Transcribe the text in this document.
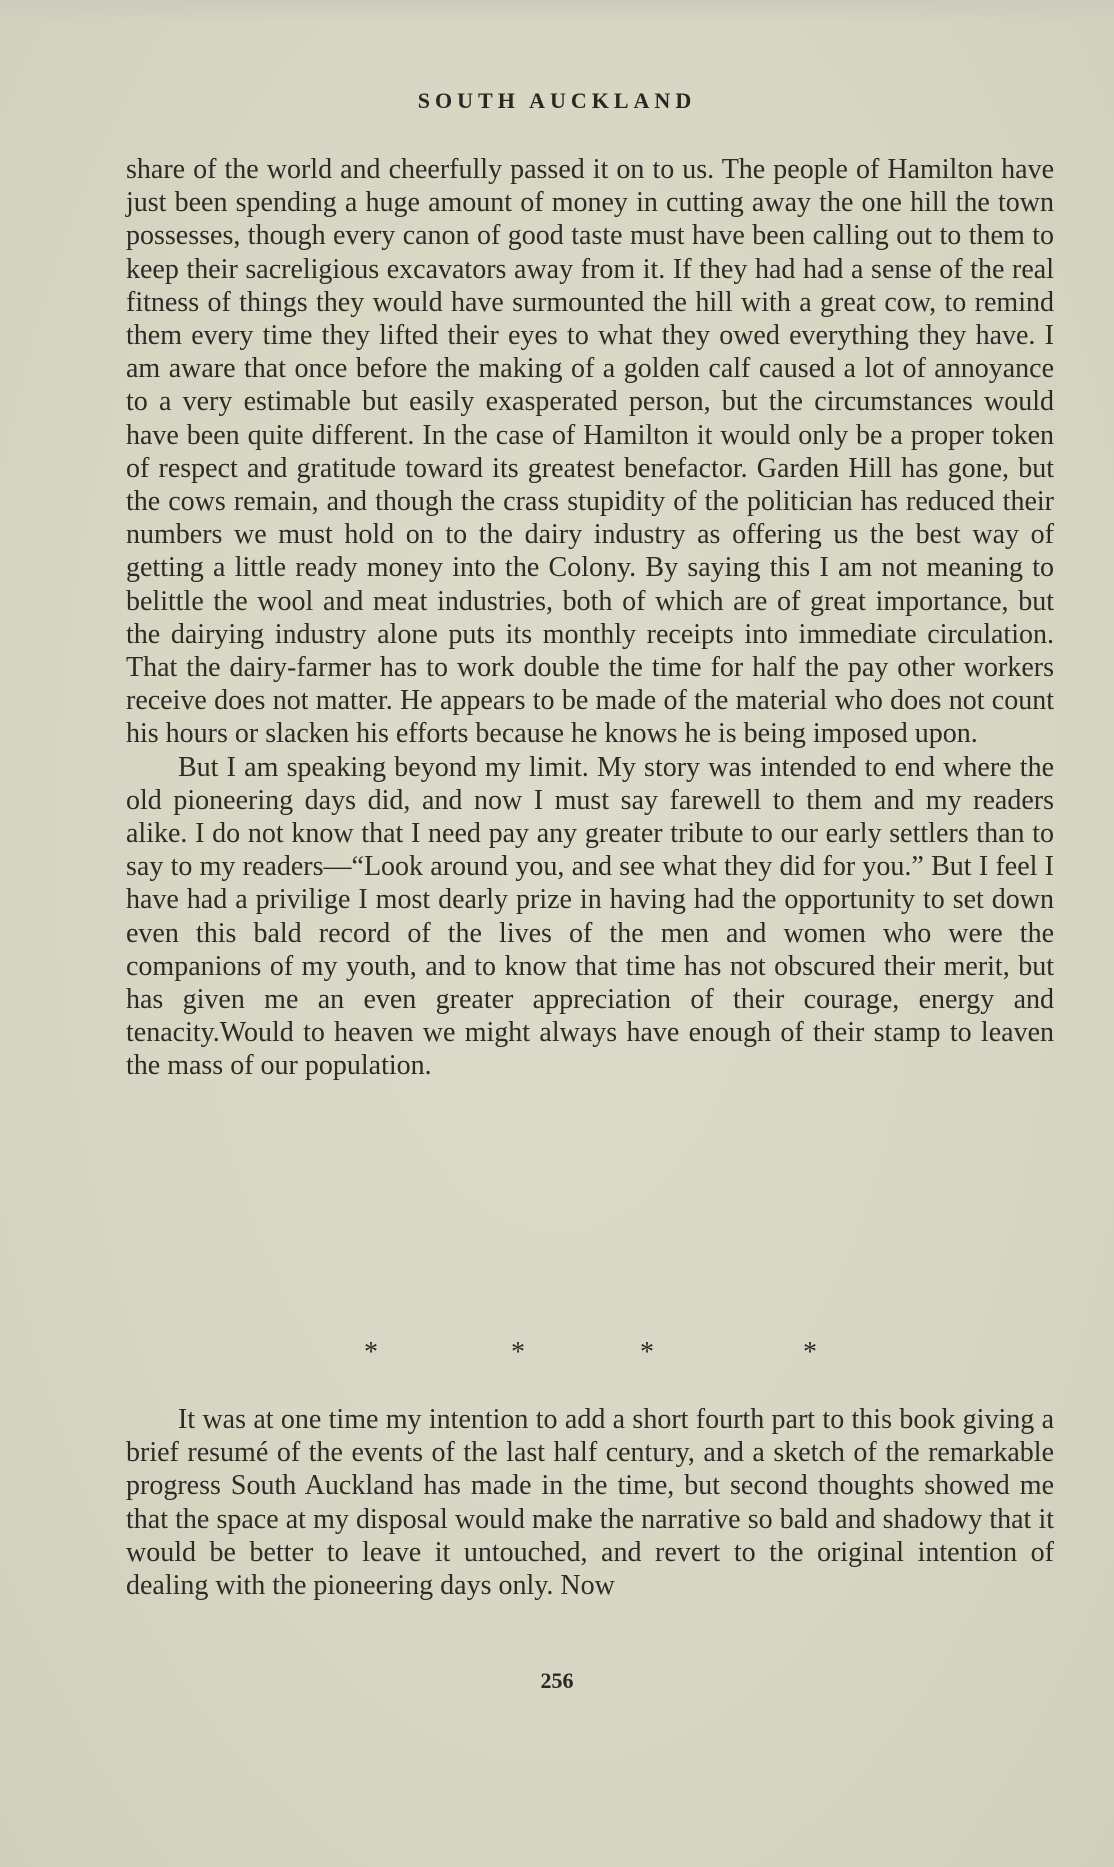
SOUTH AUCKLAND

share of the world and cheerfully passed it on to us. The people of Hamilton have just been spending a huge amount of money in cutting away the one hill the town possesses, though every canon of good taste must have been calling out to them to keep their sacreligious excavators away from it. If they had had a sense of the real fitness of things they would have surmounted the hill with a great cow, to remind them every time they lifted their eyes to what they owed everything they have. I am aware that once before the making of a golden calf caused a lot of annoyance to a very estimable but easily exasperated person, but the circumstances would have been quite different. In the case of Hamilton it would only be a proper token of respect and gratitude toward its greatest benefactor. Garden Hill has gone, but the cows remain, and though the crass stupidity of the politician has reduced their numbers we must hold on to the dairy industry as offering us the best way of getting a little ready money into the Colony. By saying this I am not meaning to belittle the wool and meat industries, both of which are of great importance, but the dairying industry alone puts its monthly receipts into immediate circulation. That the dairy-farmer has to work double the time for half the pay other workers receive does not matter. He appears to be made of the material who does not count his hours or slacken his efforts because he knows he is being imposed upon.

But I am speaking beyond my limit. My story was intended to end where the old pioneering days did, and now I must say farewell to them and my readers alike. I do not know that I need pay any greater tribute to our early settlers than to say to my readers—“Look around you, and see what they did for you.” But I feel I have had a privilige I most dearly prize in having had the opportunity to set down even this bald record of the lives of the men and women who were the companions of my youth, and to know that time has not obscured their merit, but has given me an even greater appreciation of their courage, energy and tenacity.Would to heaven we might always have enough of their stamp to leaven the mass of our population.

*	*	*	*

It was at one time my intention to add a short fourth part to this book giving a brief resumé of the events of the last half century, and a sketch of the remarkable progress South Auckland has made in the time, but second thoughts showed me that the space at my disposal would make the narrative so bald and shadowy that it would be better to leave it untouched, and revert to the original intention of dealing with the pioneering days only. Now

256
